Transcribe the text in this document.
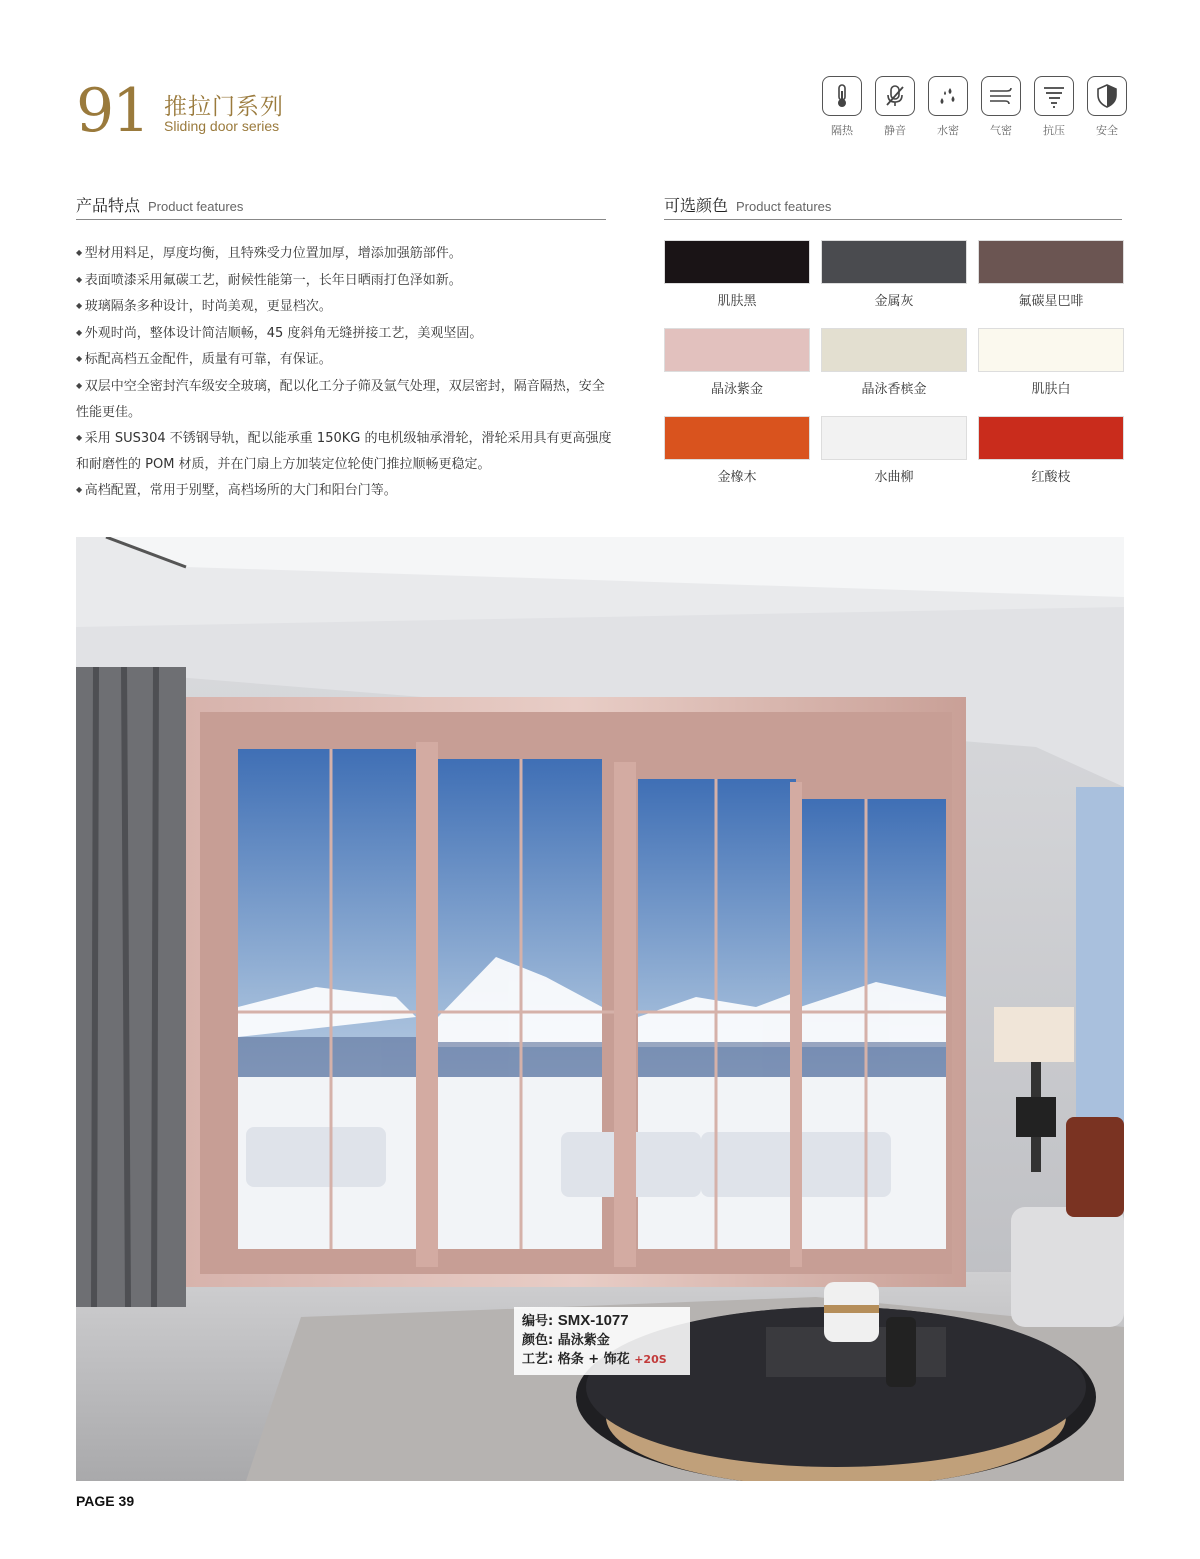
91 推拉门系列
Sliding door series	隔热	静音	水密	气密	抗压	安全
产品特点 Product features	可选颜色 Product features
◆ 型材用料足，厚度均衡，且特殊受力位置加厚，增添加强筋部件。
◆ 表面喷漆采用氟碳工艺，耐候性能第一，长年日晒雨打色泽如新。
◆ 玻璃隔条多种设计，时尚美观，更显档次。
◆ 外观时尚，整体设计简洁顺畅，45 度斜角无缝拼接工艺，美观坚固。
◆ 标配高档五金配件，质量有可靠，有保证。
◆ 双层中空全密封汽车级安全玻璃，配以化工分子筛及氩气处理，双层密封，隔音隔热，安全性能更佳。
◆ 采用 SUS304 不锈钢导轨，配以能承重 150KG 的电机级轴承滑轮，滑轮采用具有更高强度和耐磨性的 POM 材质，并在门扇上方加装定位轮使门推拉顺畅更稳定。
◆ 高档配置，常用于别墅，高档场所的大门和阳台门等。
肌肤黑	金属灰	氟碳星巴啡
晶泳紫金	晶泳香槟金	肌肤白
金橡木	水曲柳	红酸枝
编号: SMX-1077
颜色: 晶泳紫金
工艺: 格条 + 饰花 +20S
PAGE 39
